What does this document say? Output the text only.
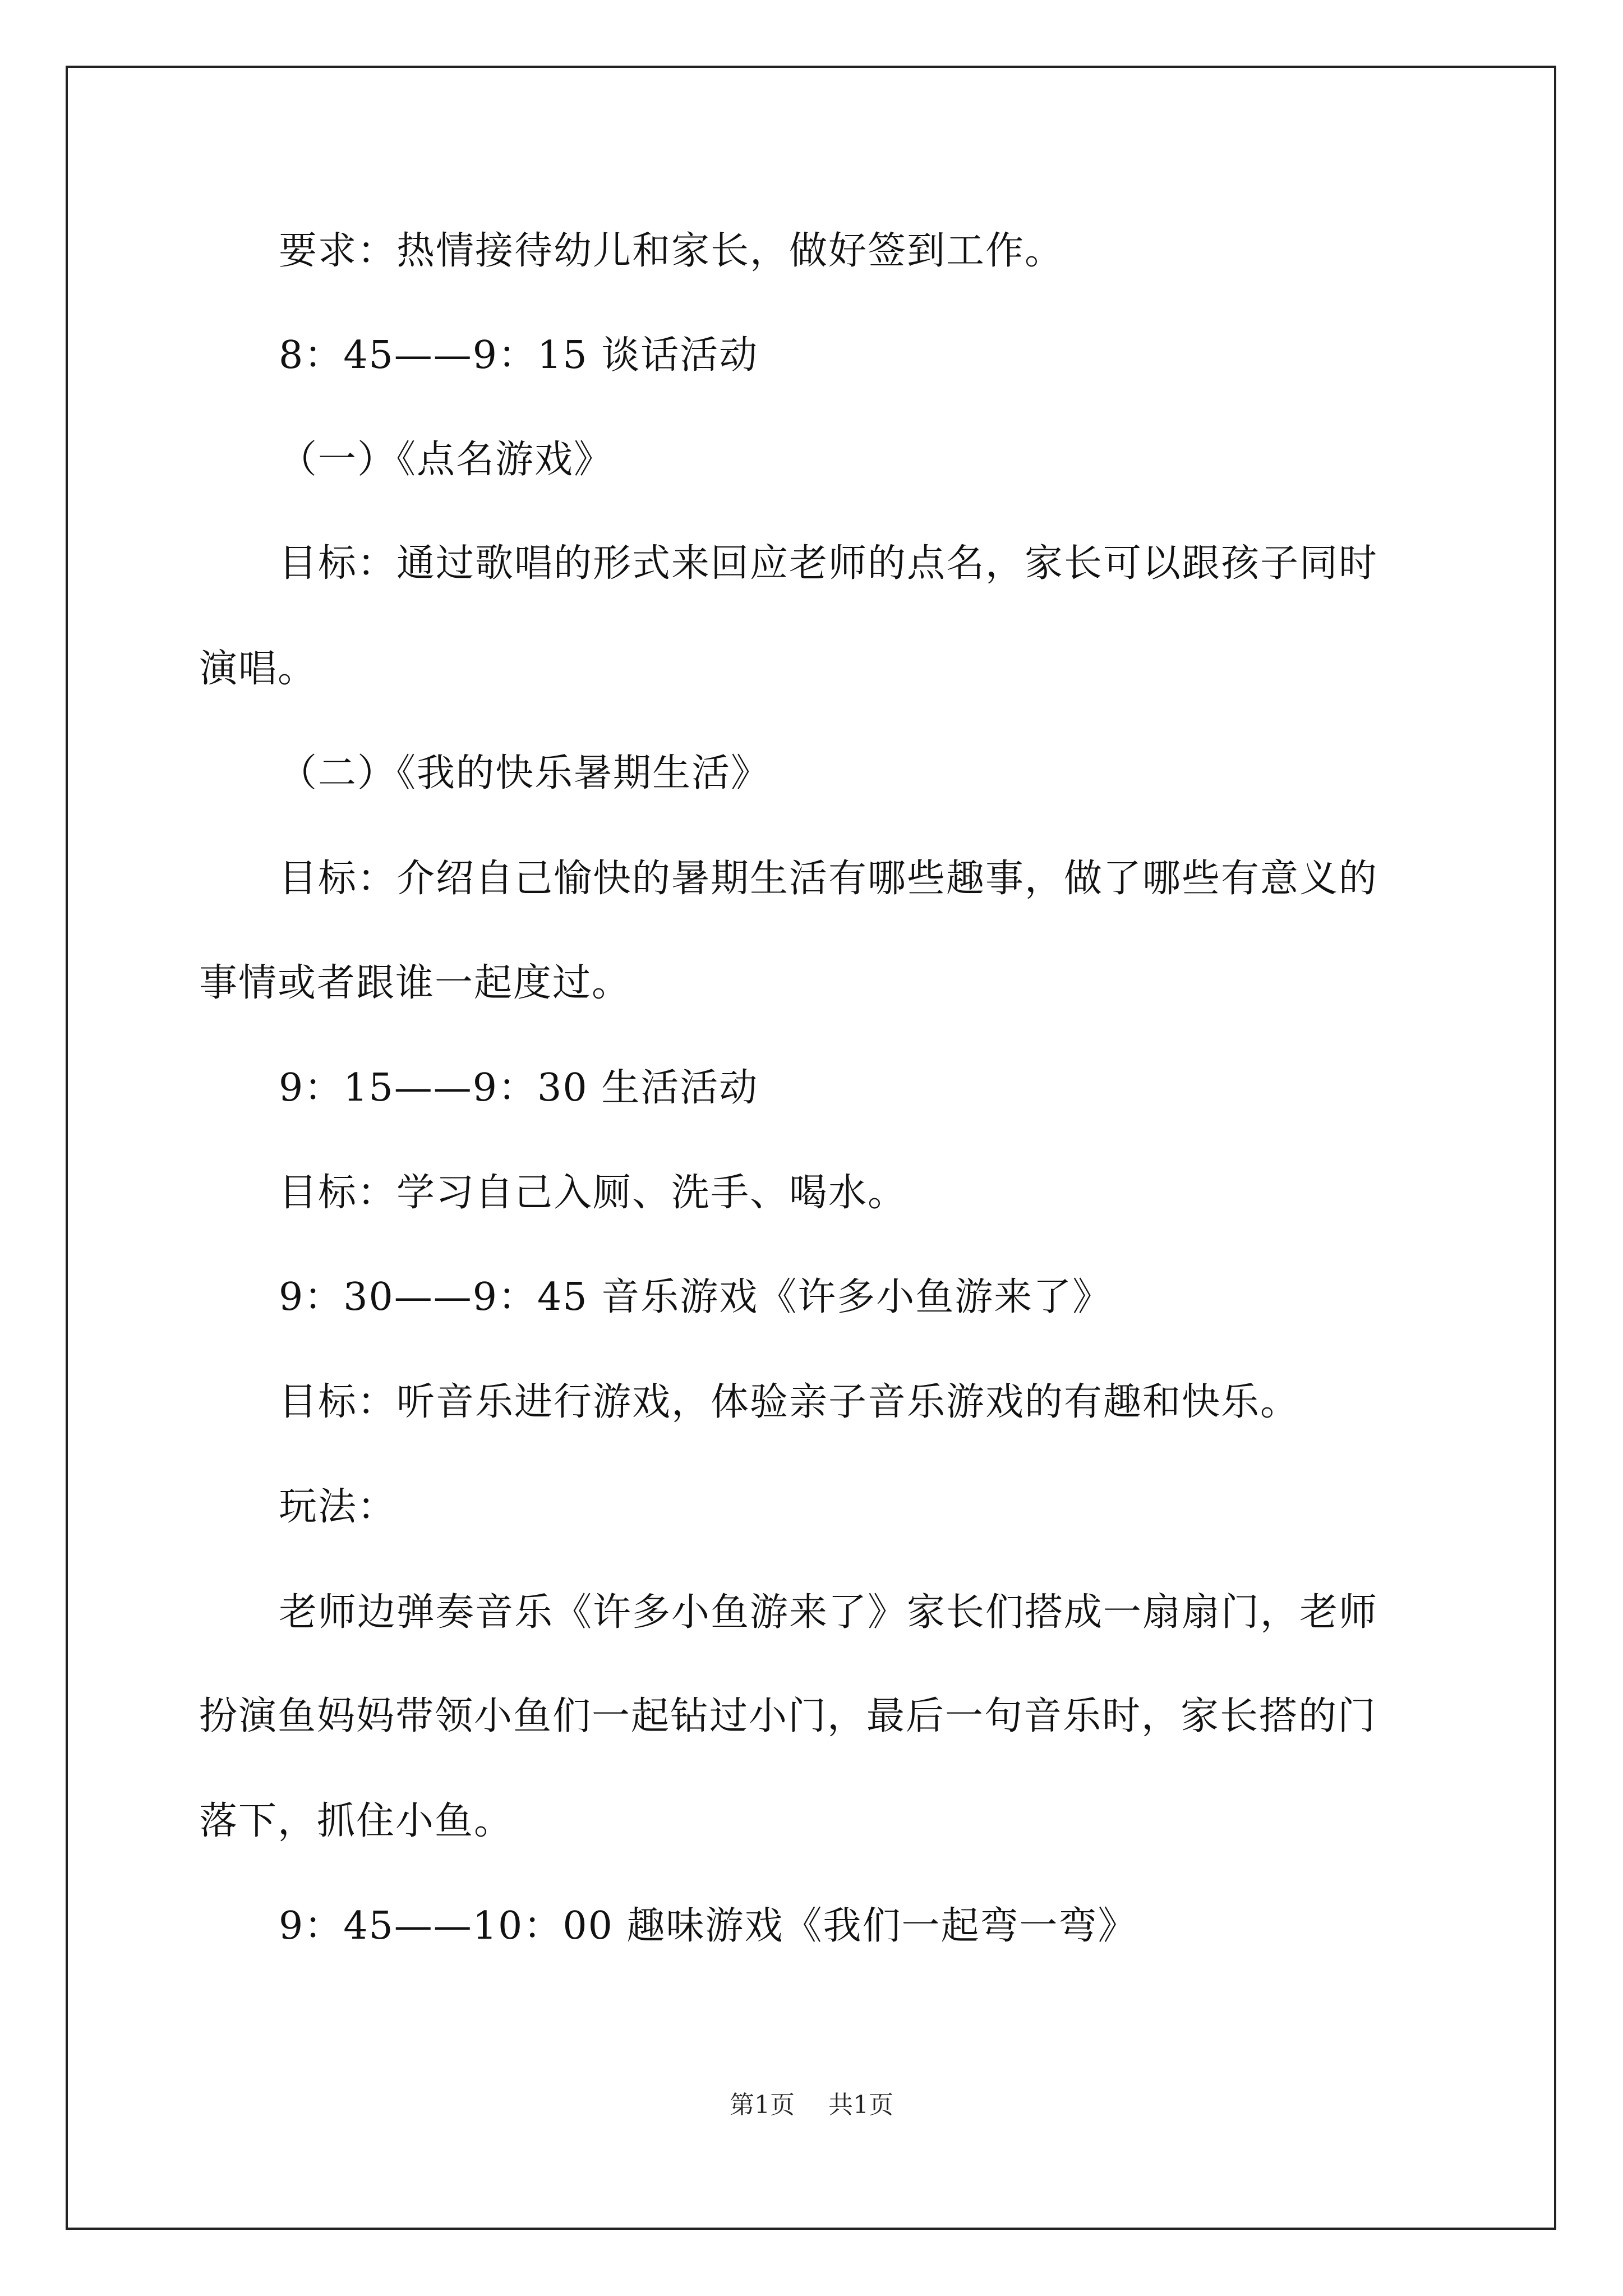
要求：热情接待幼儿和家长，做好签到工作。
8：45——9：15 谈话活动
（一）《点名游戏》
目标：通过歌唱的形式来回应老师的点名，家长可以跟孩子同时
演唱。
（二）《我的快乐暑期生活》
目标：介绍自己愉快的暑期生活有哪些趣事，做了哪些有意义的
事情或者跟谁一起度过。
9：15——9：30 生活活动
目标：学习自己入厕、洗手、喝水。
9：30——9：45 音乐游戏《许多小鱼游来了》
目标：听音乐进行游戏，体验亲子音乐游戏的有趣和快乐。
玩法：
老师边弹奏音乐《许多小鱼游来了》家长们搭成一扇扇门，老师
扮演鱼妈妈带领小鱼们一起钻过小门，最后一句音乐时，家长搭的门
落下，抓住小鱼。
9：45——10：00 趣味游戏《我们一起弯一弯》
第1页 共1页
